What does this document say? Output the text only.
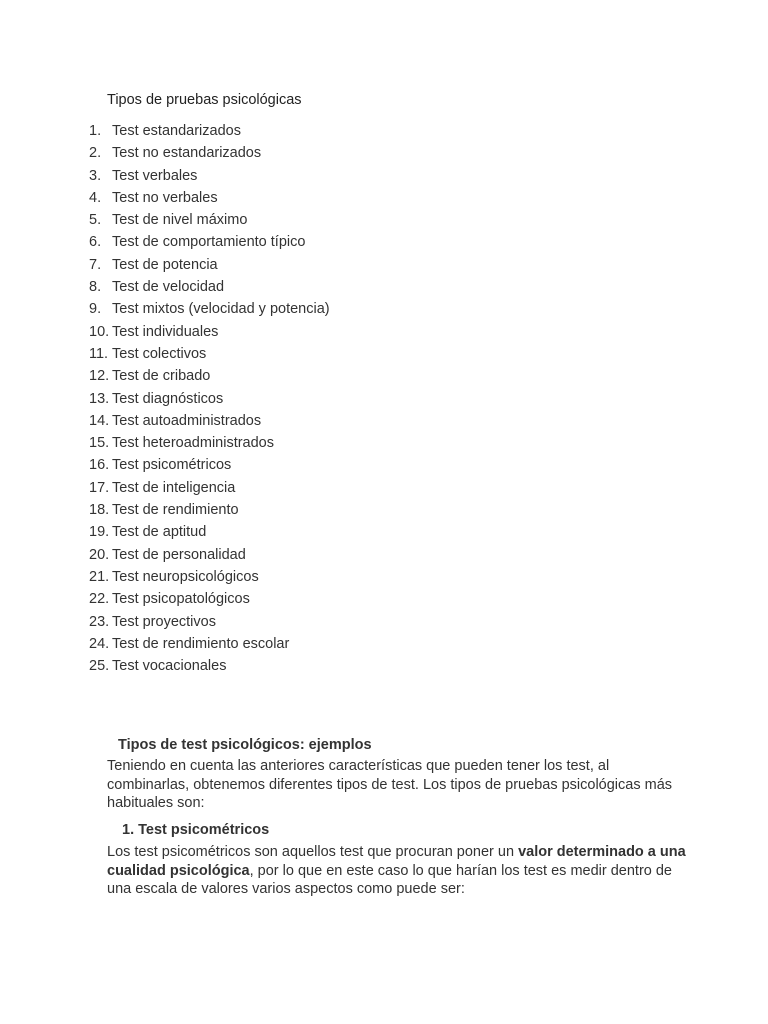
Tipos de pruebas psicológicas
1. Test estandarizados
2. Test no estandarizados
3. Test verbales
4. Test no verbales
5. Test de nivel máximo
6. Test de comportamiento típico
7. Test de potencia
8. Test de velocidad
9. Test mixtos (velocidad y potencia)
10. Test individuales
11. Test colectivos
12. Test de cribado
13. Test diagnósticos
14. Test autoadministrados
15. Test heteroadministrados
16. Test psicométricos
17. Test de inteligencia
18. Test de rendimiento
19. Test de aptitud
20. Test de personalidad
21. Test neuropsicológicos
22. Test psicopatológicos
23. Test proyectivos
24. Test de rendimiento escolar
25. Test vocacionales
Tipos de test psicológicos: ejemplos

Teniendo en cuenta las anteriores características que pueden tener los test, al combinarlas, obtenemos diferentes tipos de test. Los tipos de pruebas psicológicas más habituales son:

1. Test psicométricos

Los test psicométricos son aquellos test que procuran poner un valor determinado a una cualidad psicológica, por lo que en este caso lo que harían los test es medir dentro de una escala de valores varios aspectos como puede ser:
